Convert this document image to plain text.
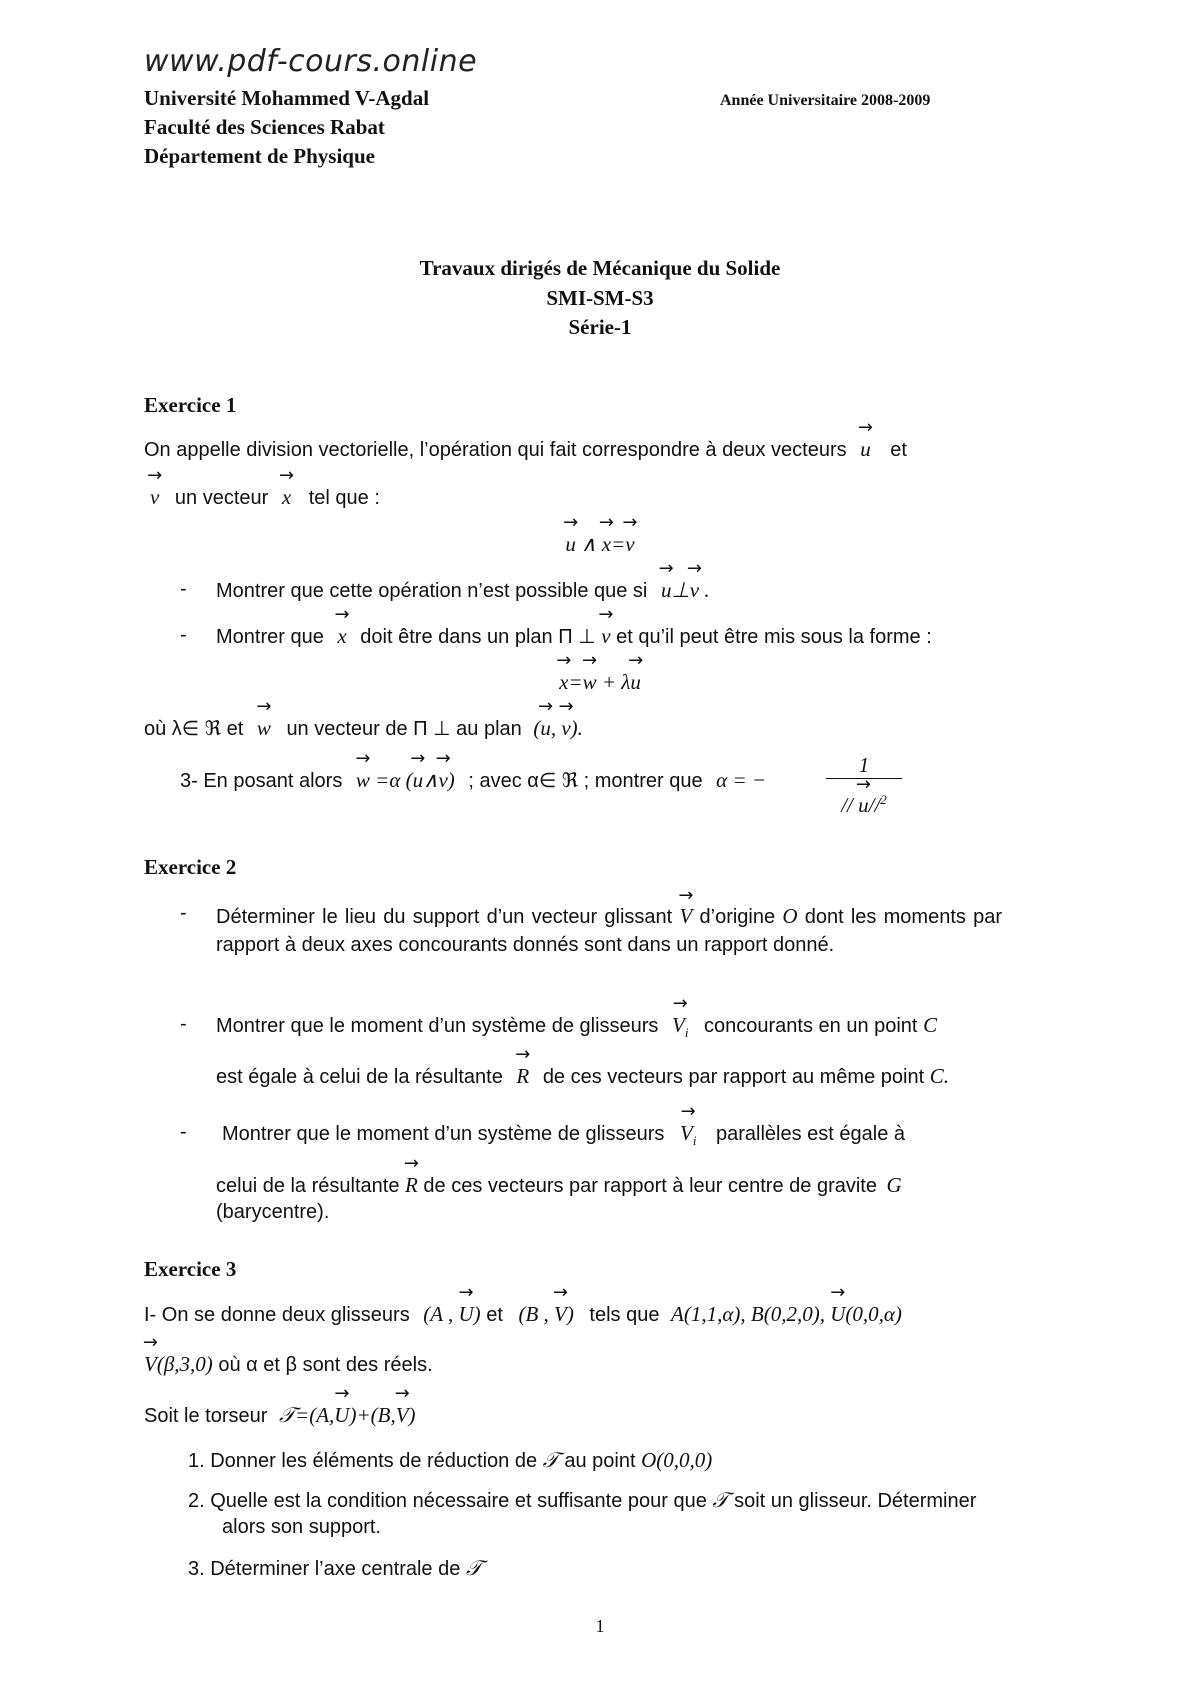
www.pdf-cours.online
Université Mohammed V-Agdal	Année Universitaire 2008-2009
Faculté des Sciences Rabat
Département de Physique
Travaux dirigés de Mécanique du Solide
SMI-SM-S3
Série-1
Exercice 1
On appelle division vectorielle, l’opération qui fait correspondre à deux vecteurs → u et
→ v un vecteur → x tel que :
→ u ∧ → x=→ v
- Montrer que cette opération n’est possible que si → u⊥→ v .
- Montrer que → x doit être dans un plan Π ⊥ → v et qu’il peut être mis sous la forme :
→ x=→ w + λ→ u
où λ∈ ℜ et → w un vecteur de Π ⊥ au plan (→ u, → v).
3- En posant alors → w =α (→ u∧→ v) ; avec α∈ ℜ ; montrer que α = −
1
// → u//$^2$
Exercice 2
- Déterminer le lieu du support d’un vecteur glissant → V d’origine O dont les moments par rapport à deux axes concourants donnés sont dans un rapport donné.
- Montrer que le moment d’un système de glisseurs → $V_i$ concourants en un point C
est égale à celui de la résultante → R de ces vecteurs par rapport au même point C.
- Montrer que le moment d’un système de glisseurs → $V_i$ parallèles est égale à
celui de la résultante → R de ces vecteurs par rapport à leur centre de gravite G
(barycentre).
Exercice 3
I- On se donne deux glisseurs (A , → U) et (B , → V) tels que A(1,1,α), B(0,2,0), → U(0,0,α)
→ V(β,3,0) où α et β sont des réels.
Soit le torseur 𝒯=(A,→ U)+(B,→ V)
1. Donner les éléments de réduction de 𝒯 au point O(0,0,0)
2. Quelle est la condition nécessaire et suffisante pour que 𝒯 soit un glisseur. Déterminer
alors son support.
3. Déterminer l’axe centrale de 𝒯
1
